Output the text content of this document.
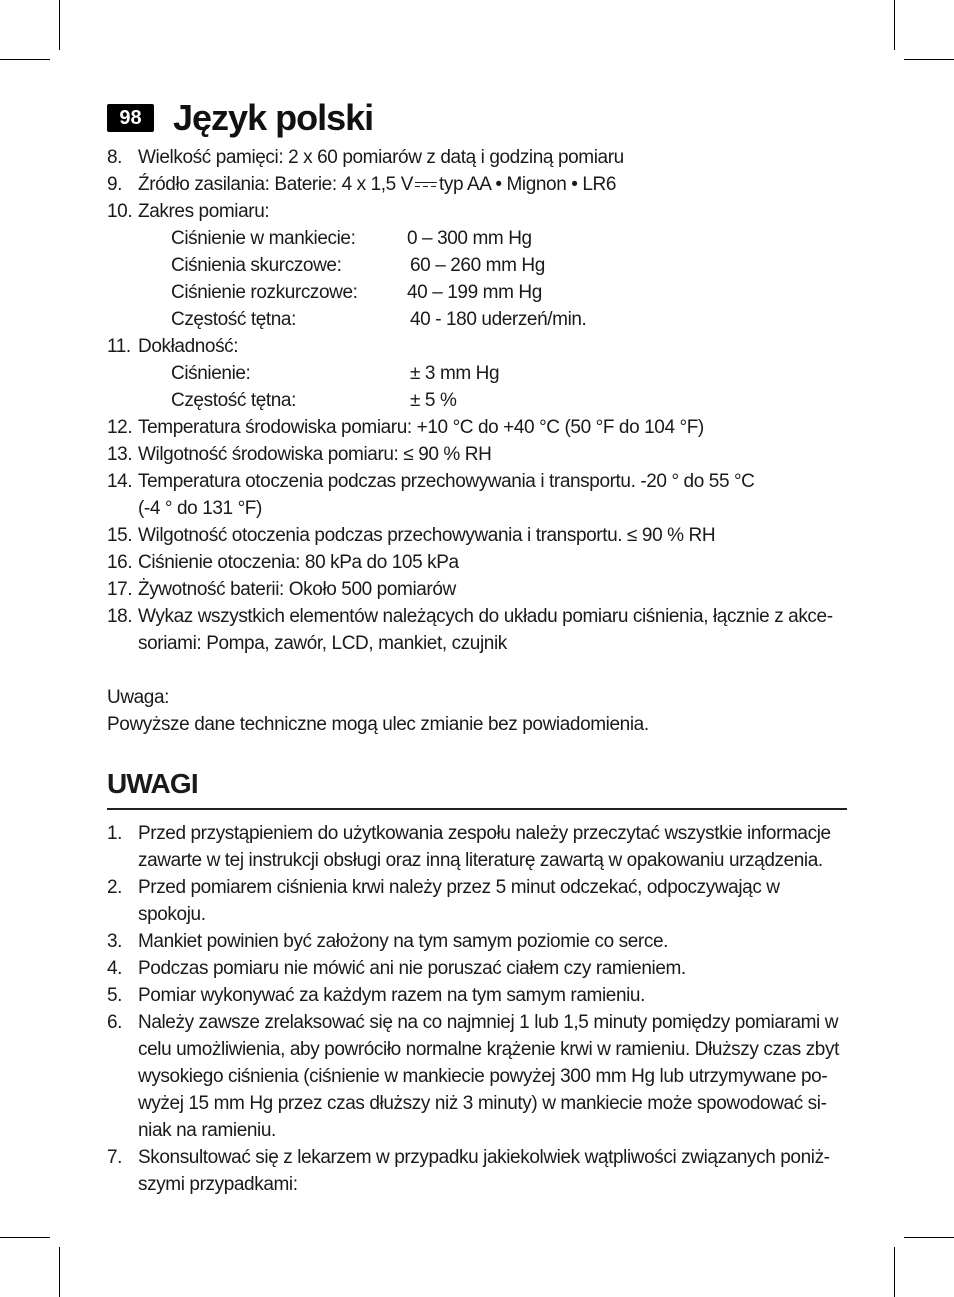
98 Język polski
8. Wielkość pamięci: 2 x 60 pomiarów z datą i godziną pomiaru
9. Źródło zasilania: Baterie: 4 x 1,5 V typ AA • Mignon • LR6
10. Zakres pomiaru:
Ciśnienie w mankiecie:	0 – 300 mm Hg
Ciśnienia skurczowe:	60 – 260 mm Hg
Ciśnienie rozkurczowe:	40 – 199 mm Hg
Częstość tętna:	40 - 180 uderzeń/min.
11. Dokładność:
Ciśnienie:	± 3 mm Hg
Częstość tętna:	± 5 %
12. Temperatura środowiska pomiaru: +10 °C do +40 °C (50 °F do 104 °F)
13. Wilgotność środowiska pomiaru: ≤ 90 % RH
14. Temperatura otoczenia podczas przechowywania i transportu. -20 ° do 55 °C (-4 ° do 131 °F)
15. Wilgotność otoczenia podczas przechowywania i transportu. ≤ 90 % RH
16. Ciśnienie otoczenia: 80 kPa do 105 kPa
17. Żywotność baterii: Około 500 pomiarów
18. Wykaz wszystkich elementów należących do układu pomiaru ciśnienia, łącznie z akce- soriami: Pompa, zawór, LCD, mankiet, czujnik
Uwaga:
Powyższe dane techniczne mogą ulec zmianie bez powiadomienia.
UWAGI
1. Przed przystąpieniem do użytkowania zespołu należy przeczytać wszystkie informacje zawarte w tej instrukcji obsługi oraz inną literaturę zawartą w opakowaniu urządzenia.
2. Przed pomiarem ciśnienia krwi należy przez 5 minut odczekać, odpoczywając w spokoju.
3. Mankiet powinien być założony na tym samym poziomie co serce.
4. Podczas pomiaru nie mówić ani nie poruszać ciałem czy ramieniem.
5. Pomiar wykonywać za każdym razem na tym samym ramieniu.
6. Należy zawsze zrelaksować się na co najmniej 1 lub 1,5 minuty pomiędzy pomiarami w celu umożliwienia, aby powróciło normalne krążenie krwi w ramieniu. Dłuższy czas zbyt wysokiego ciśnienia (ciśnienie w mankiecie powyżej 300 mm Hg lub utrzymywane po- wyżej 15 mm Hg przez czas dłuższy niż 3 minuty) w mankiecie może spowodować si- niak na ramieniu.
7. Skonsultować się z lekarzem w przypadku jakiekolwiek wątpliwości związanych poniż- szymi przypadkami:
